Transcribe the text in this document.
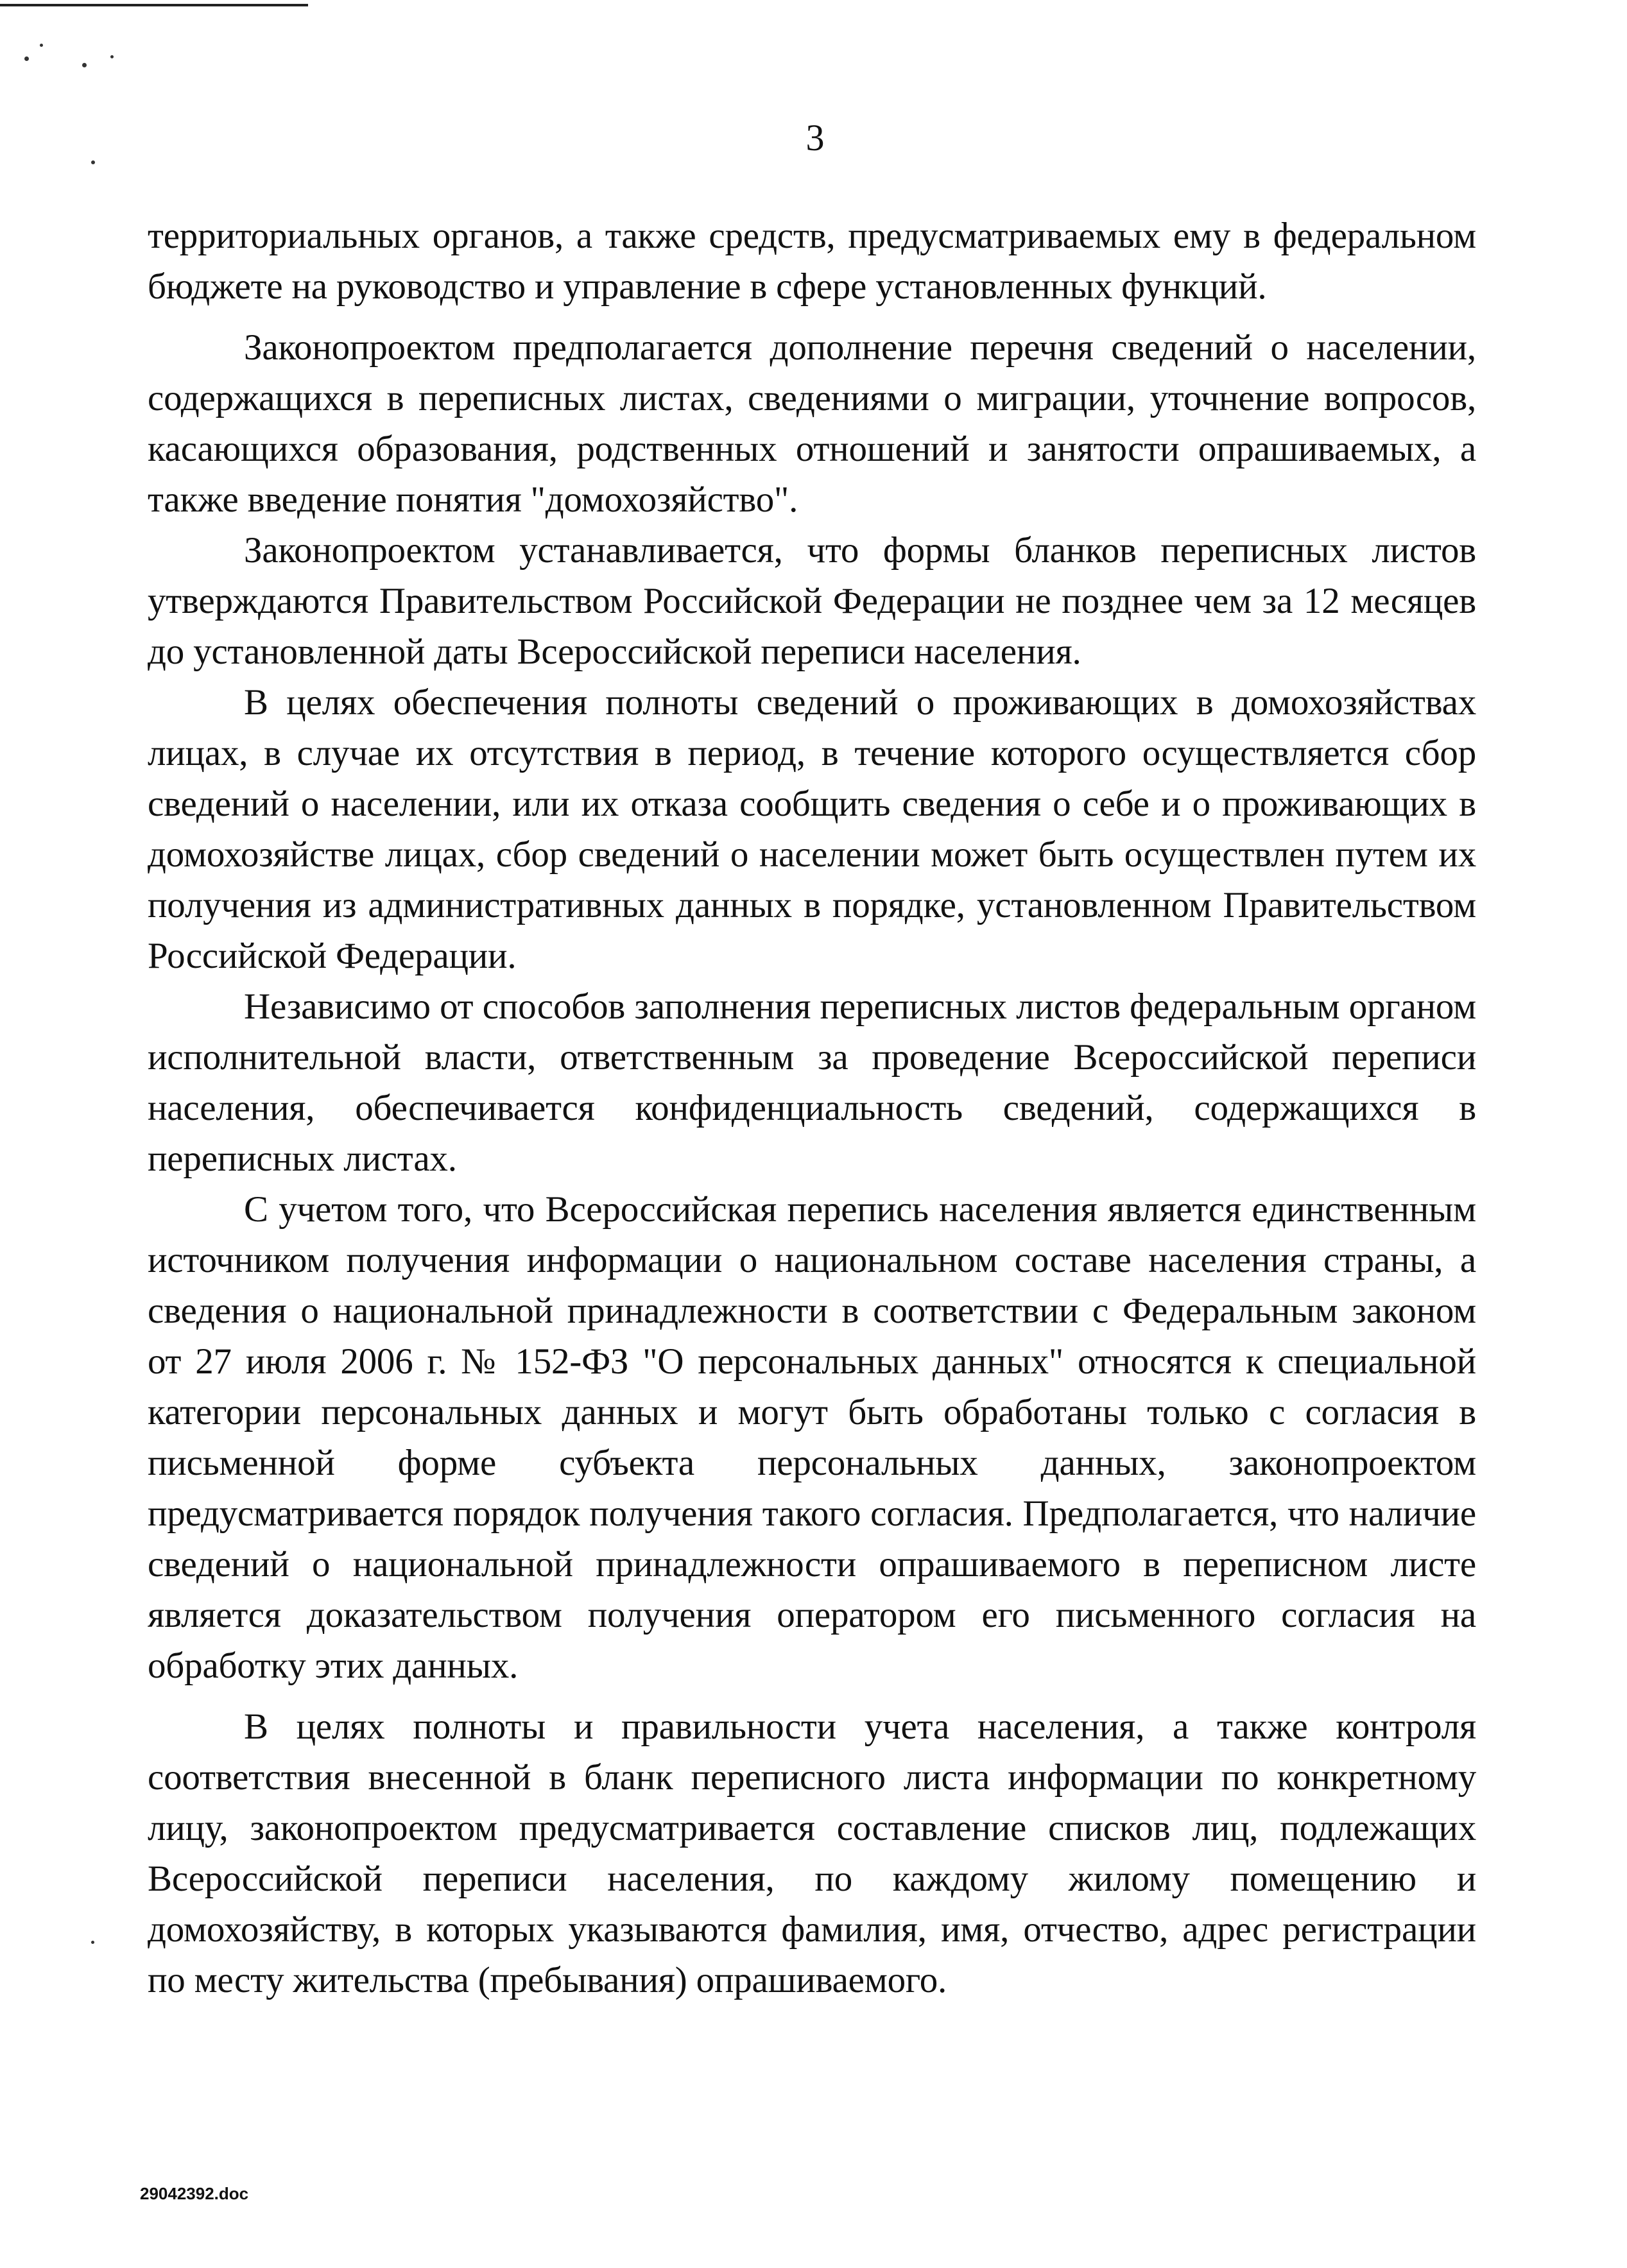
3

территориальных органов, а также средств, предусматриваемых ему в федеральном бюджете на руководство и управление в сфере установленных функций.

Законопроектом предполагается дополнение перечня сведений о населении, содержащихся в переписных листах, сведениями о миграции, уточнение вопросов, касающихся образования, родственных отношений и занятости опрашиваемых, а также введение понятия "домохозяйство".

Законопроектом устанавливается, что формы бланков переписных листов утверждаются Правительством Российской Федерации не позднее чем за 12 месяцев до установленной даты Всероссийской переписи населения.

В целях обеспечения полноты сведений о проживающих в домохозяйствах лицах, в случае их отсутствия в период, в течение которого осуществляется сбор сведений о населении, или их отказа сообщить сведения о себе и о проживающих в домохозяйстве лицах, сбор сведений о населении может быть осуществлен путем их получения из административных данных в порядке, установленном Правительством Российской Федерации.

Независимо от способов заполнения переписных листов федеральным органом исполнительной власти, ответственным за проведение Всероссийской переписи населения, обеспечивается конфиденциальность сведений, содержащихся в переписных листах.

С учетом того, что Всероссийская перепись населения является единственным источником получения информации о национальном составе населения страны, а сведения о национальной принадлежности в соответствии с Федеральным законом от 27 июля 2006 г. № 152-ФЗ "О персональных данных" относятся к специальной категории персональных данных и могут быть обработаны только с согласия в письменной форме субъекта персональных данных, законопроектом предусматривается порядок получения такого согласия. Предполагается, что наличие сведений о национальной принадлежности опрашиваемого в переписном листе является доказательством получения оператором его письменного согласия на обработку этих данных.

В целях полноты и правильности учета населения, а также контроля соответствия внесенной в бланк переписного листа информации по конкретному лицу, законопроектом предусматривается составление списков лиц, подлежащих Всероссийской переписи населения, по каждому жилому помещению и домохозяйству, в которых указываются фамилия, имя, отчество, адрес регистрации по месту жительства (пребывания) опрашиваемого.

29042392.doc
